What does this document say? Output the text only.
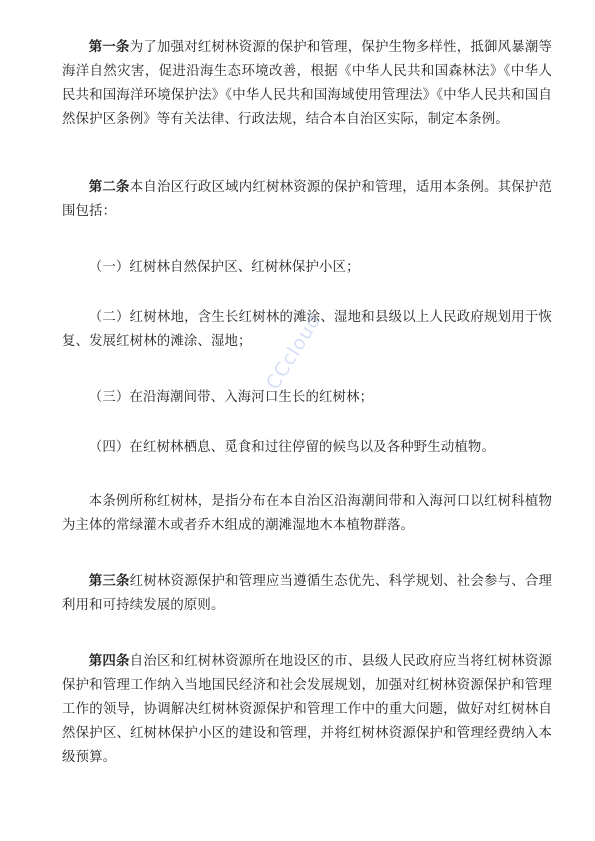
第一条为了加强对红树林资源的保护和管理，保护生物多样性，抵御风暴潮等海洋自然灾害，促进沿海生态环境改善，根据《中华人民共和国森林法》《中华人民共和国海洋环境保护法》《中华人民共和国海域使用管理法》《中华人民共和国自然保护区条例》等有关法律、行政法规，结合本自治区实际，制定本条例。

第二条本自治区行政区域内红树林资源的保护和管理，适用本条例。其保护范围包括：

（一）红树林自然保护区、红树林保护小区；

（二）红树林地，含生长红树林的滩涂、湿地和县级以上人民政府规划用于恢复、发展红树林的滩涂、湿地；

（三）在沿海潮间带、入海河口生长的红树林；

（四）在红树林栖息、觅食和过往停留的候鸟以及各种野生动植物。

本条例所称红树林，是指分布在本自治区沿海潮间带和入海河口以红树科植物为主体的常绿灌木或者乔木组成的潮滩湿地木本植物群落。

第三条红树林资源保护和管理应当遵循生态优先、科学规划、社会参与、合理利用和可持续发展的原则。

第四条自治区和红树林资源所在地设区的市、县级人民政府应当将红树林资源保护和管理工作纳入当地国民经济和社会发展规划，加强对红树林资源保护和管理工作的领导，协调解决红树林资源保护和管理工作中的重大问题，做好对红树林自然保护区、红树林保护小区的建设和管理，并将红树林资源保护和管理经费纳入本级预算。

CCcloud
